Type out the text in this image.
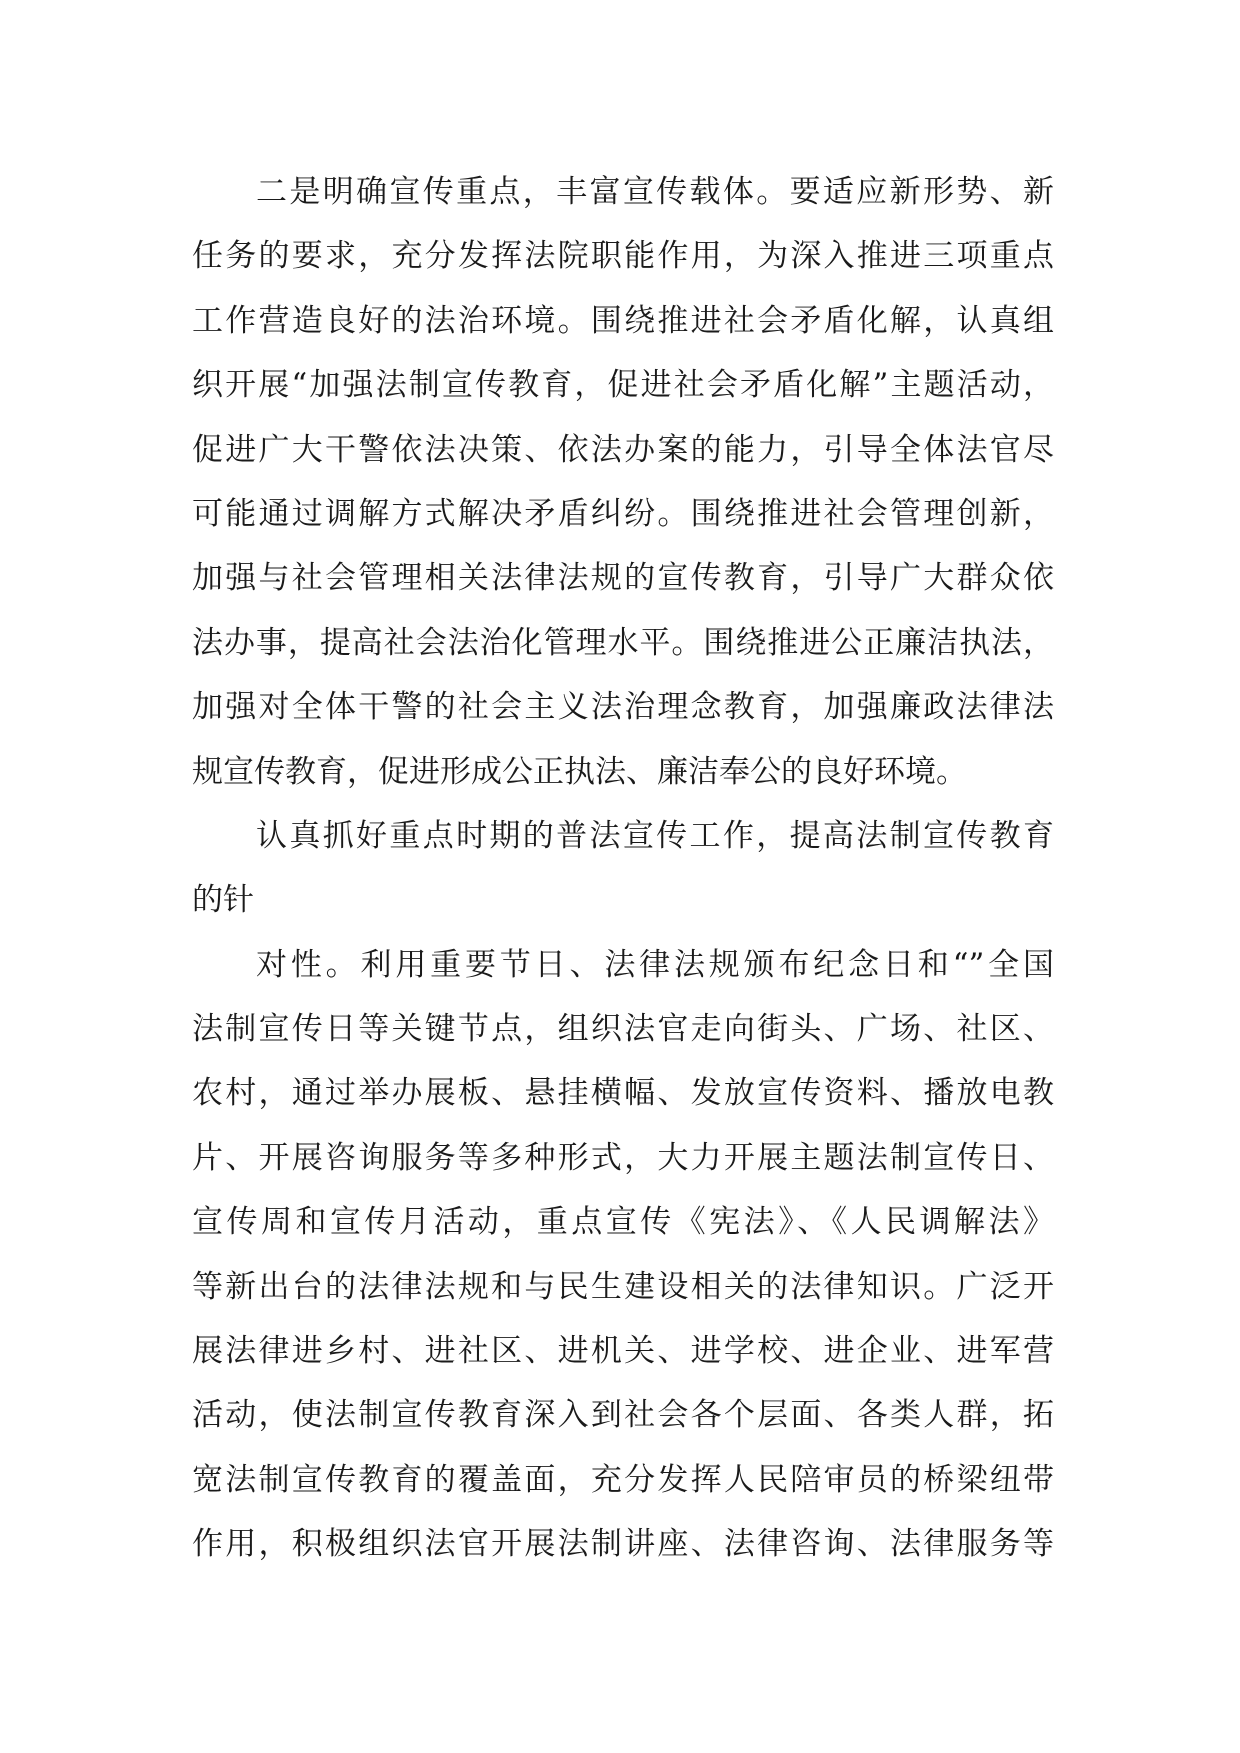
二是明确宣传重点，丰富宣传载体。要适应新形势、新
任务的要求，充分发挥法院职能作用，为深入推进三项重点
工作营造良好的法治环境。围绕推进社会矛盾化解，认真组
织开展“加强法制宣传教育，促进社会矛盾化解”主题活动，
促进广大干警依法决策、依法办案的能力，引导全体法官尽
可能通过调解方式解决矛盾纠纷。围绕推进社会管理创新，
加强与社会管理相关法律法规的宣传教育，引导广大群众依
法办事，提高社会法治化管理水平。围绕推进公正廉洁执法，
加强对全体干警的社会主义法治理念教育，加强廉政法律法
规宣传教育，促进形成公正执法、廉洁奉公的良好环境。
认真抓好重点时期的普法宣传工作，提高法制宣传教育
的针
对性。利用重要节日、法律法规颁布纪念日和“”全国
法制宣传日等关键节点，组织法官走向街头、广场、社区、
农村，通过举办展板、悬挂横幅、发放宣传资料、播放电教
片、开展咨询服务等多种形式，大力开展主题法制宣传日、
宣传周和宣传月活动，重点宣传《宪法》、《人民调解法》
等新出台的法律法规和与民生建设相关的法律知识。广泛开
展法律进乡村、进社区、进机关、进学校、进企业、进军营
活动，使法制宣传教育深入到社会各个层面、各类人群，拓
宽法制宣传教育的覆盖面，充分发挥人民陪审员的桥梁纽带
作用，积极组织法官开展法制讲座、法律咨询、法律服务等
